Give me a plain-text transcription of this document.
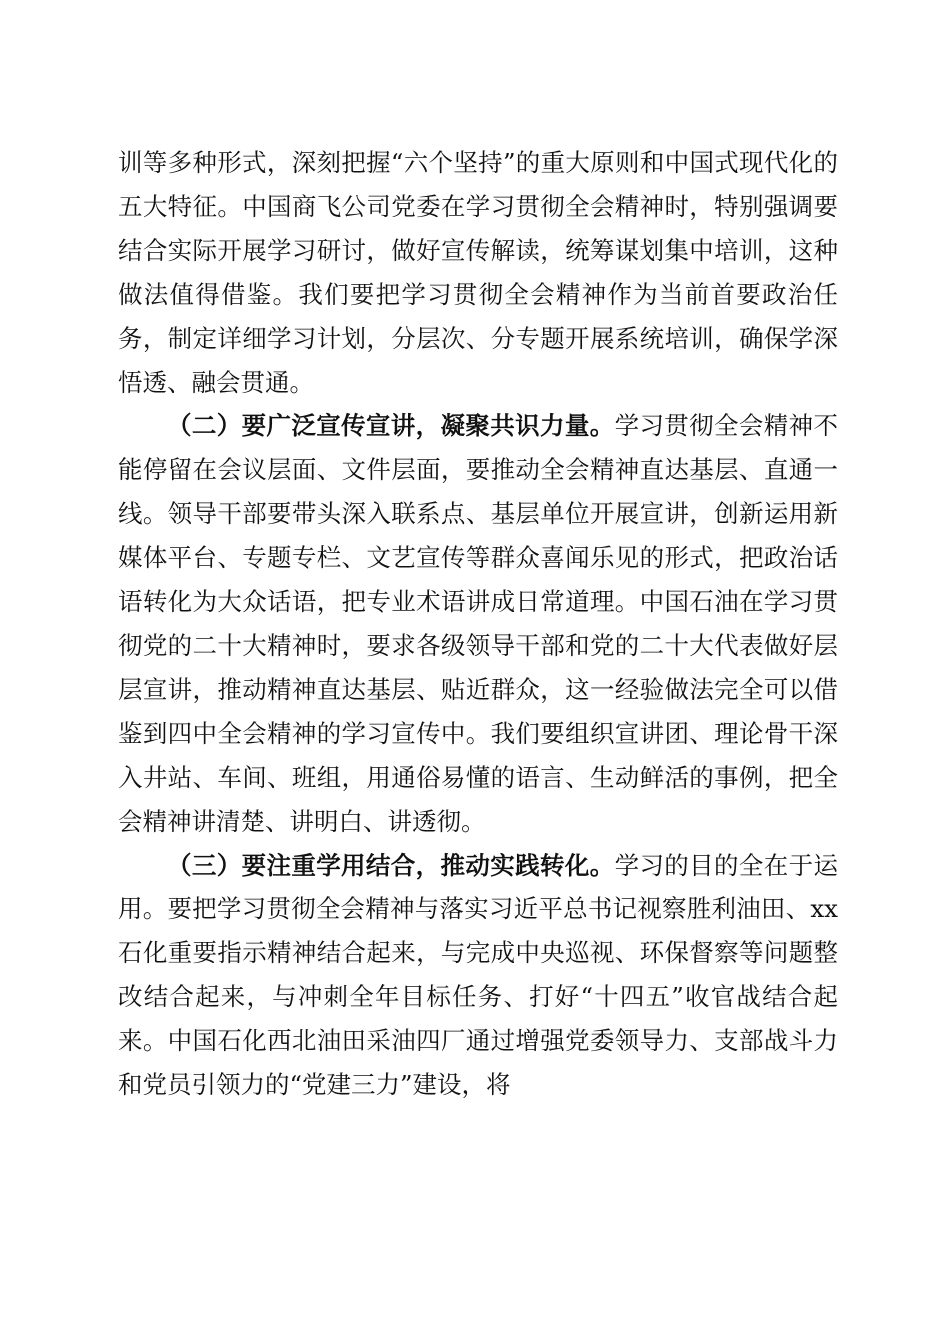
训等多种形式，深刻把握“六个坚持”的重大原则和中国式现代化的五大特征。中国商飞公司党委在学习贯彻全会精神时，特别强调要结合实际开展学习研讨，做好宣传解读，统筹谋划集中培训，这种做法值得借鉴。我们要把学习贯彻全会精神作为当前首要政治任务，制定详细学习计划，分层次、分专题开展系统培训，确保学深悟透、融会贯通。

（二）要广泛宣传宣讲，凝聚共识力量。学习贯彻全会精神不能停留在会议层面、文件层面，要推动全会精神直达基层、直通一线。领导干部要带头深入联系点、基层单位开展宣讲，创新运用新媒体平台、专题专栏、文艺宣传等群众喜闻乐见的形式，把政治话语转化为大众话语，把专业术语讲成日常道理。中国石油在学习贯彻党的二十大精神时，要求各级领导干部和党的二十大代表做好层层宣讲，推动精神直达基层、贴近群众，这一经验做法完全可以借鉴到四中全会精神的学习宣传中。我们要组织宣讲团、理论骨干深入井站、车间、班组，用通俗易懂的语言、生动鲜活的事例，把全会精神讲清楚、讲明白、讲透彻。

（三）要注重学用结合，推动实践转化。学习的目的全在于运用。要把学习贯彻全会精神与落实习近平总书记视察胜利油田、xx石化重要指示精神结合起来，与完成中央巡视、环保督察等问题整改结合起来，与冲刺全年目标任务、打好“十四五”收官战结合起来。中国石化西北油田采油四厂通过增强党委领导力、支部战斗力和党员引领力的“党建三力”建设，将
